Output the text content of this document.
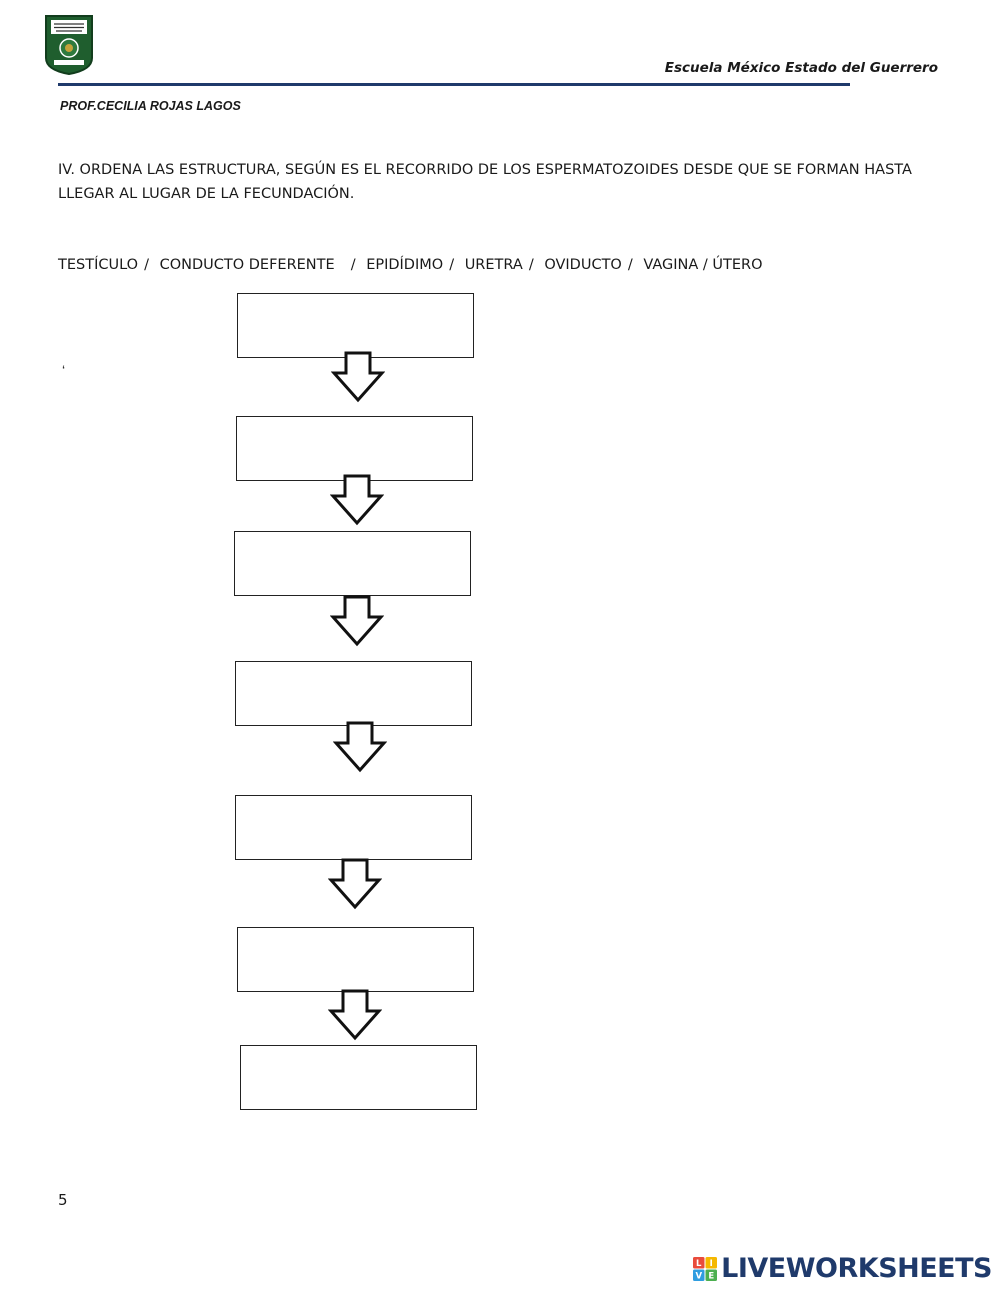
Escuela México Estado del Guerrero
PROF.CECILIA ROJAS LAGOS
IV. ORDENA LAS ESTRUCTURA, SEGÚN ES EL RECORRIDO DE LOS ESPERMATOZOIDES DESDE QUE SE FORMAN HASTA
LLEGAR AL LUGAR DE LA FECUNDACIÓN.
TESTÍCULO / CONDUCTO DEFERENTE / EPIDÍDIMO / URETRA / OVIDUCTO / VAGINA / ÚTERO
‘
5
L I
V E LIVEWORKSHEETS
